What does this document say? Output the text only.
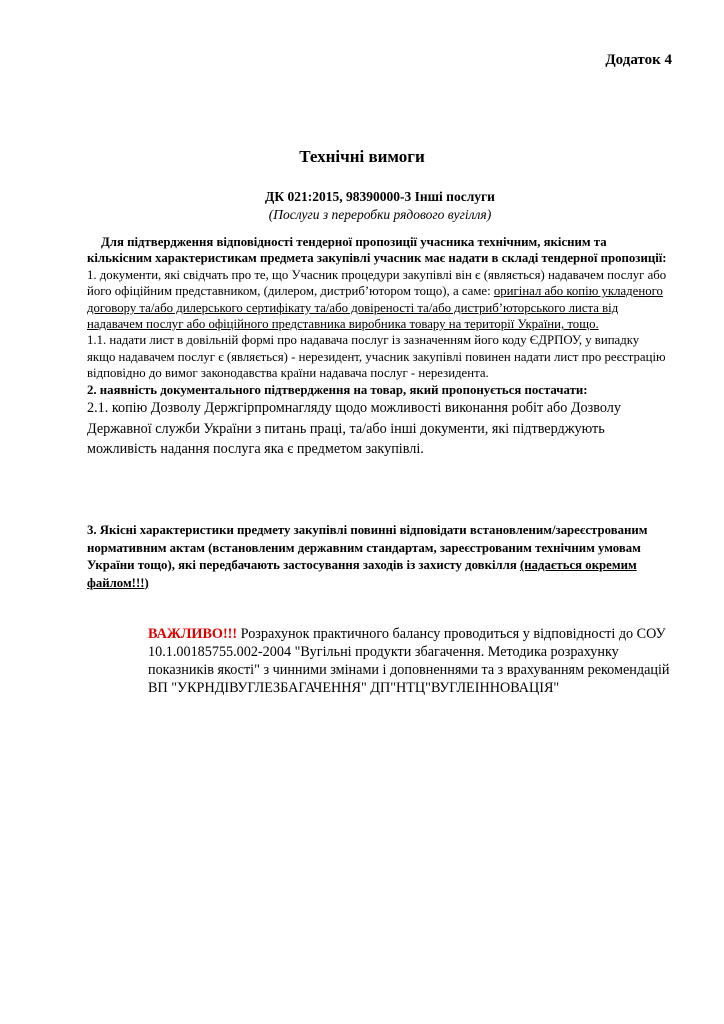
Додаток 4
Технічні вимоги
ДК 021:2015, 98390000-3 Інші послуги
(Послуги з переробки рядового вугілля)

Для підтвердження відповідності тендерної пропозиції учасника технічним, якісним та кількісним характеристикам предмета закупівлі учасник має надати в складі тендерної пропозиції:

1. документи, які свідчать про те, що Учасник процедури закупівлі він є (являється) надавачем послуг або його офіційним представником, (дилером, дистриб’ютором тощо), а саме: оригінал або копію укладеного договору та/або дилерського сертифікату та/або довіреності та/або дистриб’юторського листа від надавачем послуг або офіційного представника виробника товару на території України, тощо.

1.1. надати лист в довільній формі про надавача послуг із зазначенням його коду ЄДРПОУ, у випадку якщо надавачем послуг є (являється) - нерезидент, учасник закупівлі повинен надати лист про реєстрацію відповідно до вимог законодавства країни надавача послуг - нерезидента.

2. наявність документального підтвердження на товар, який пропонується постачати:

2.1. копію Дозволу Держгірпромнагляду щодо можливості виконання робіт або Дозволу Державної служби України з питань праці, та/або інші документи, які підтверджують можливість надання послуга яка є предметом закупівлі.

3. Якісні характеристики предмету закупівлі повинні відповідати встановленим/зареєстрованим нормативним актам (встановленим державним стандартам, зареєстрованим технічним умовам України тощо), які передбачають застосування заходів із захисту довкілля (надається окремим файлом!!!)
ВАЖЛИВО!!! Розрахунок практичного балансу проводиться у відповідності до СОУ 10.1.00185755.002-2004 "Вугільні продукти збагачення. Методика розрахунку показників якості" з чинними змінами і доповненнями та з врахуванням рекомендацій ВП "УКРНДІВУГЛЕЗБАГАЧЕННЯ" ДП"НТЦ"ВУГЛЕІННОВАЦІЯ"
